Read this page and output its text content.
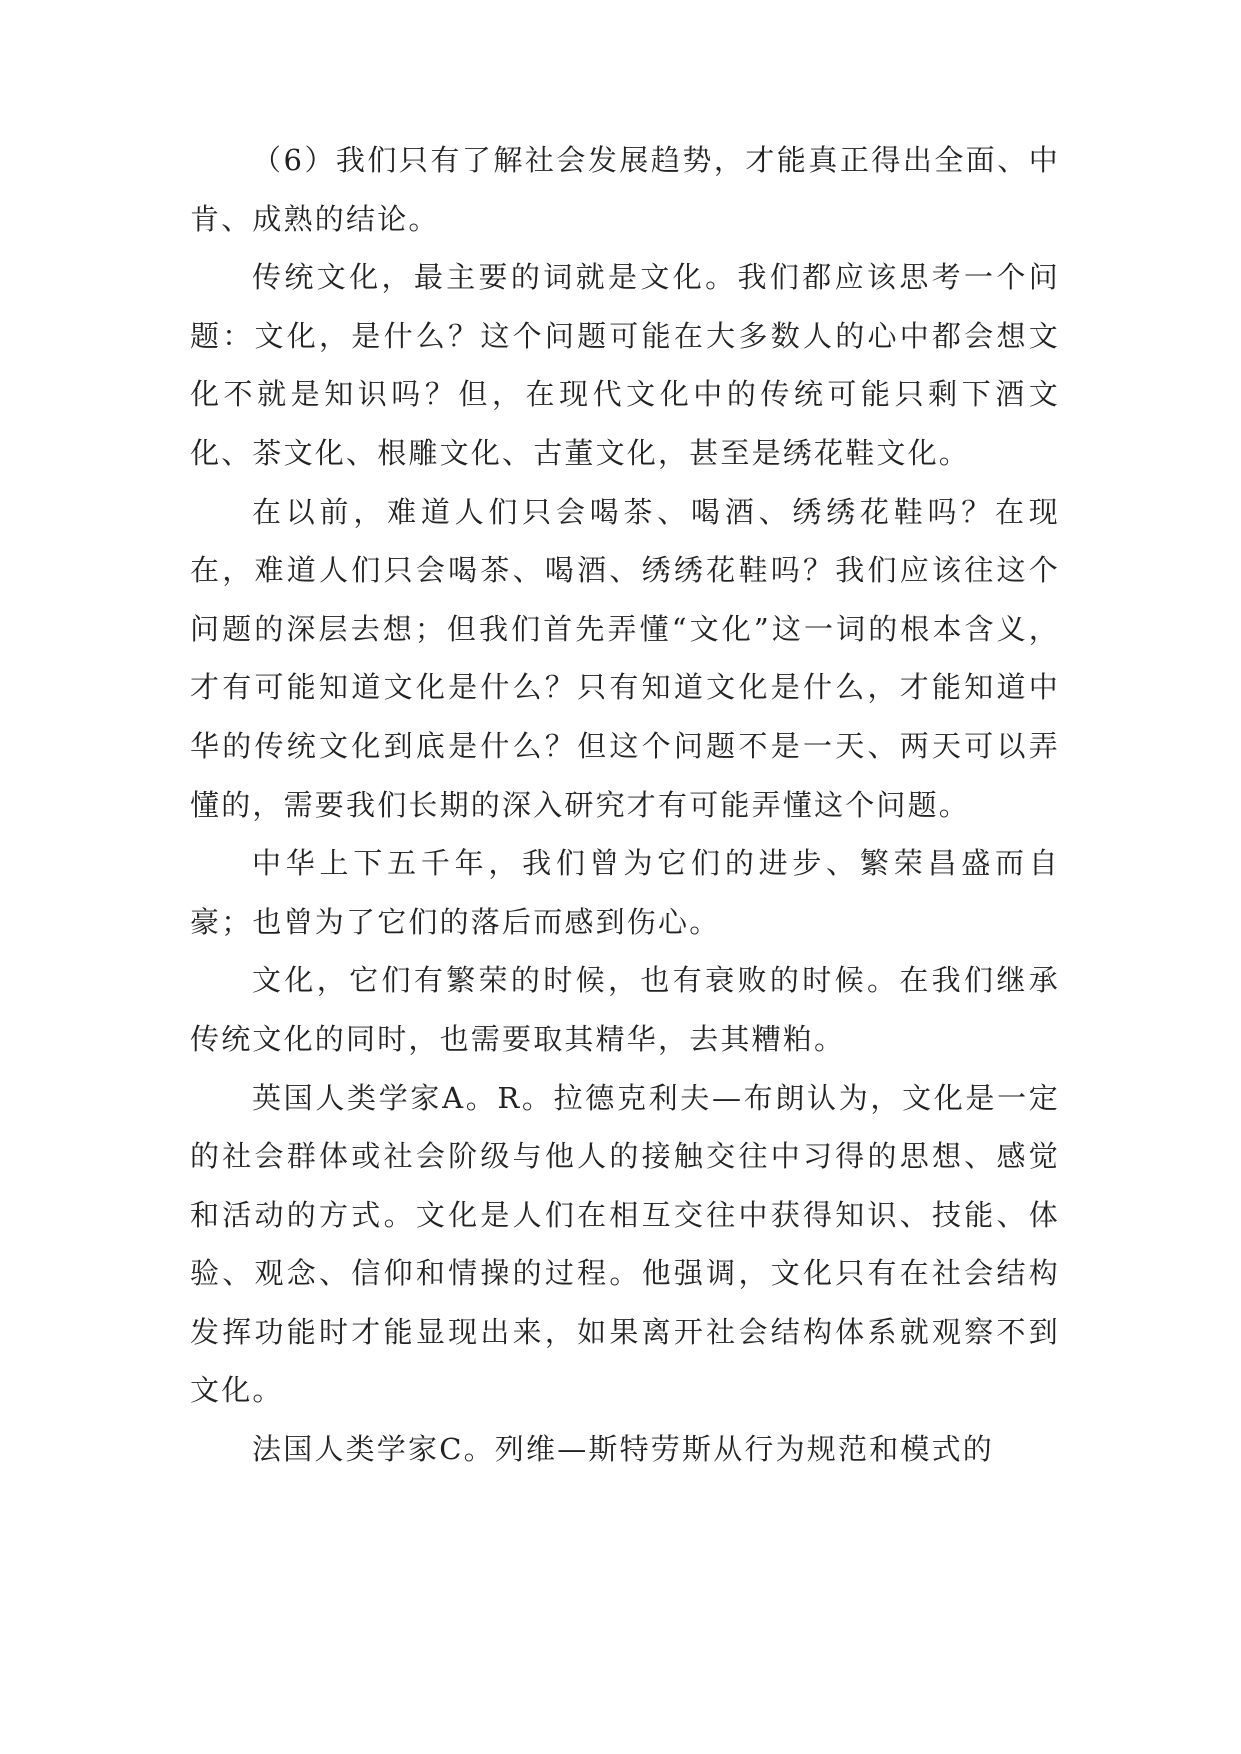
（6）我们只有了解社会发展趋势，才能真正得出全面、中肯、成熟的结论。

传统文化，最主要的词就是文化。我们都应该思考一个问题：文化，是什么？这个问题可能在大多数人的心中都会想文化不就是知识吗？但，在现代文化中的传统可能只剩下酒文化、茶文化、根雕文化、古董文化，甚至是绣花鞋文化。

在以前，难道人们只会喝茶、喝酒、绣绣花鞋吗？在现在，难道人们只会喝茶、喝酒、绣绣花鞋吗？我们应该往这个问题的深层去想；但我们首先弄懂“文化”这一词的根本含义，才有可能知道文化是什么？只有知道文化是什么，才能知道中华的传统文化到底是什么？但这个问题不是一天、两天可以弄懂的，需要我们长期的深入研究才有可能弄懂这个问题。

中华上下五千年，我们曾为它们的进步、繁荣昌盛而自豪；也曾为了它们的落后而感到伤心。

文化，它们有繁荣的时候，也有衰败的时候。在我们继承传统文化的同时，也需要取其精华，去其糟粕。

英国人类学家A。R。拉德克利夫—布朗认为，文化是一定的社会群体或社会阶级与他人的接触交往中习得的思想、感觉和活动的方式。文化是人们在相互交往中获得知识、技能、体验、观念、信仰和情操的过程。他强调，文化只有在社会结构发挥功能时才能显现出来，如果离开社会结构体系就观察不到文化。

法国人类学家C。列维—斯特劳斯从行为规范和模式的
